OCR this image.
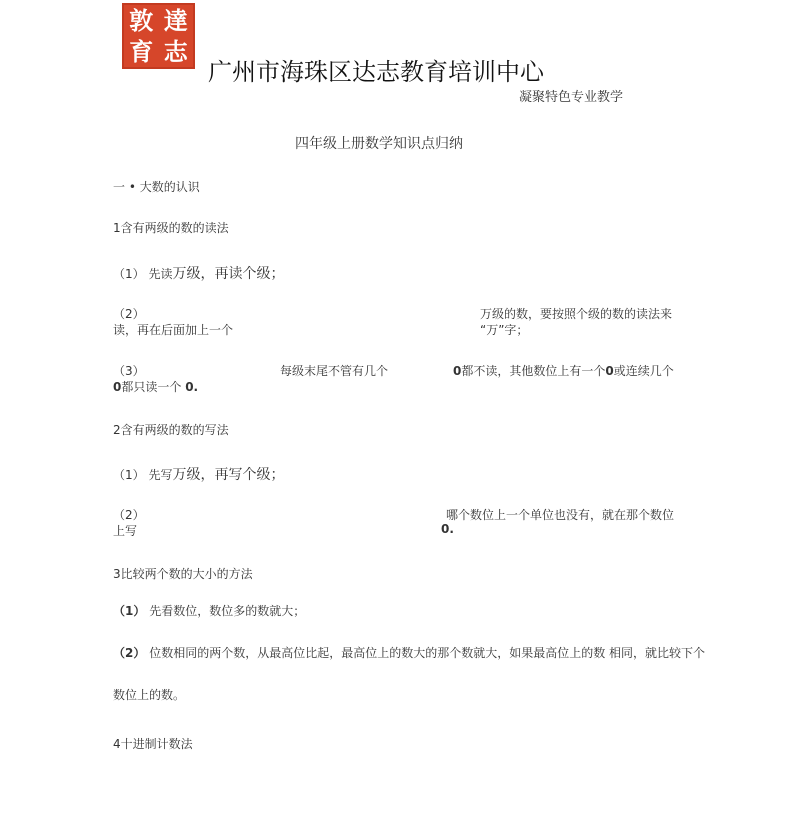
敦 達
育 志
广州市海珠区达志教育培训中心
凝聚特色专业教学
四年级上册数学知识点归纳
一 • 大数的认识
1含有两级的数的读法
（1） 先读万级，再读个级；
（2）	万级的数，要按照个级的数的读法来
读，再在后面加上一个	“万”字；
（3）	每级末尾不管有几个	0都不读，其他数位上有一个0或连续几个
0都只读一个 0.
2含有两级的数的写法
（1） 先写万级，再写个级；
（2）	哪个数位上一个单位也没有，就在那个数位
上写	0.
3比较两个数的大小的方法
（1） 先看数位，数位多的数就大；
（2） 位数相同的两个数，从最高位比起，最高位上的数大的那个数就大，如果最高位上的数 相同，就比较下个
数位上的数。
4十进制计数法
